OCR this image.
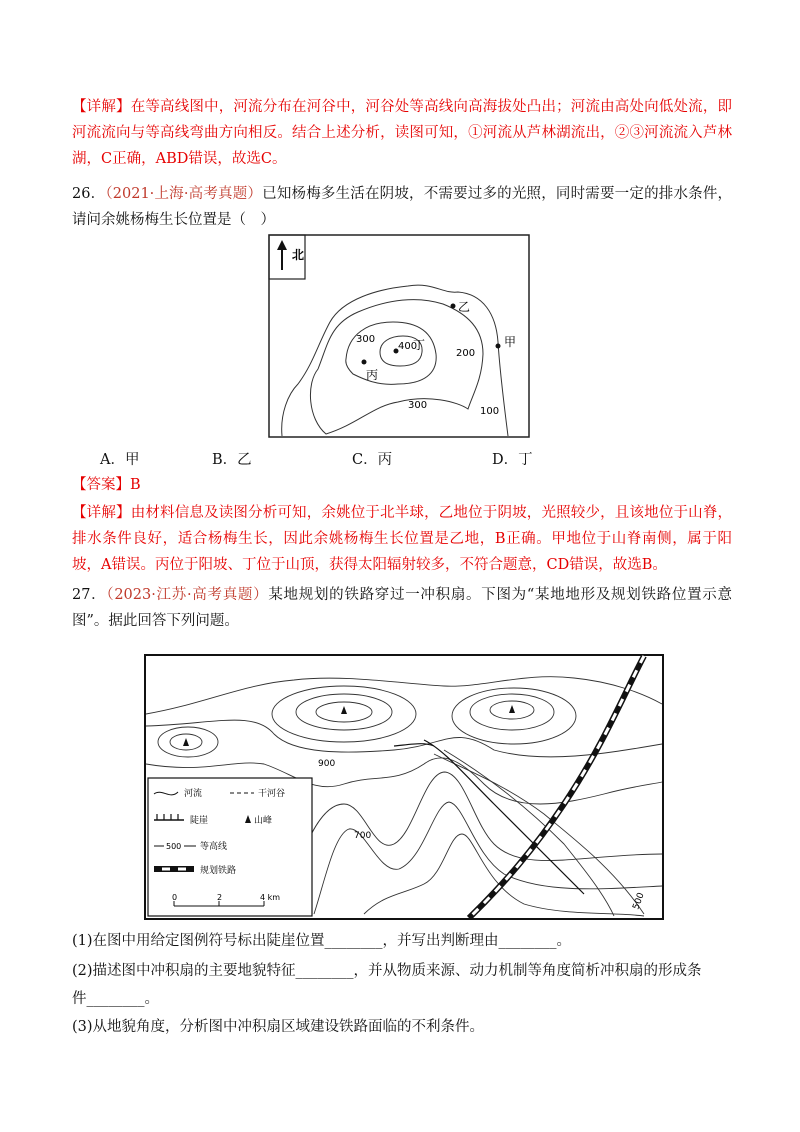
【详解】在等高线图中，河流分布在河谷中，河谷处等高线向高海拔处凸出；河流由高处向低处流，即河流流向与等高线弯曲方向相反。结合上述分析，读图可知，①河流从芦林湖流出，②③河流流入芦林湖，C正确，ABD错误，故选C。
26．（2021·上海·高考真题）已知杨梅多生活在阴坡，不需要过多的光照，同时需要一定的排水条件，请问余姚杨梅生长位置是（　）
北
乙
甲
丙
丁
300
400
200
300
100
A．甲	B．乙	C．丙	D．丁
【答案】B
【详解】由材料信息及读图分析可知，余姚位于北半球，乙地位于阴坡，光照较少，且该地位于山脊，排水条件良好，适合杨梅生长，因此余姚杨梅生长位置是乙地，B正确。甲地位于山脊南侧，属于阳坡，A错误。丙位于阳坡、丁位于山顶，获得太阳辐射较多，不符合题意，CD错误，故选B。
27．（2023·江苏·高考真题）某地规划的铁路穿过一冲积扇。下图为“某地地形及规划铁路位置示意图”。据此回答下列问题。
900
700
500
河流	干河谷
陡崖	山峰
500 等高线
规划铁路
0	2	4 km
(1)在图中用给定图例符号标出陡崖位置________，并写出判断理由________。
(2)描述图中冲积扇的主要地貌特征________，并从物质来源、动力机制等角度简析冲积扇的形成条
件________。
(3)从地貌角度，分析图中冲积扇区域建设铁路面临的不利条件。
